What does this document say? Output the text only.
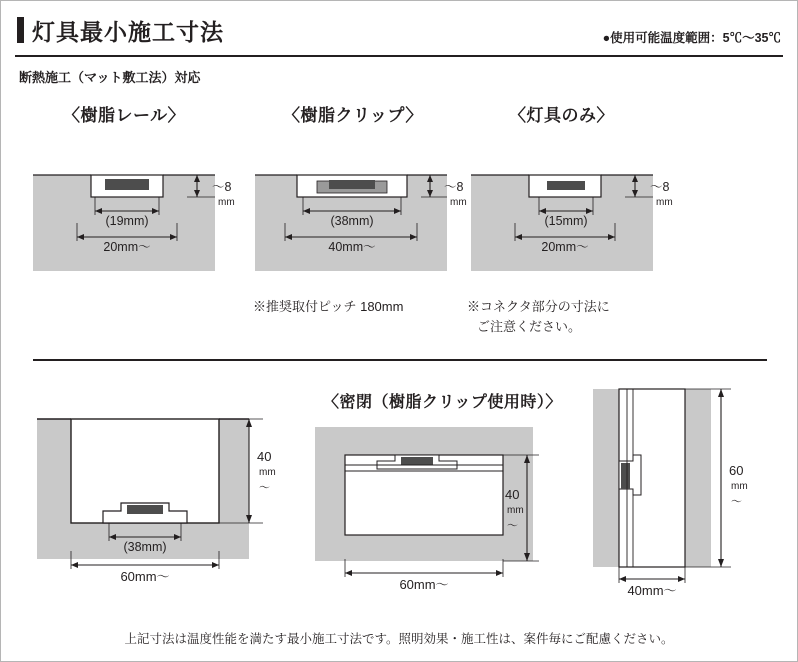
灯具最小施工寸法	●使用可能温度範囲：5℃～35℃
断熱施工（マット敷工法）対応
〈樹脂レール〉	〈樹脂クリップ〉	〈灯具のみ〉
〈密閉（樹脂クリップ使用時）〉
(19mm)
20mm～
～8
mm
(38mm)
40mm～
～8
mm
(15mm)
20mm～
～8
mm
※推奨取付ピッチ 180mm	※コネクタ部分の寸法に
ご注意ください。
(38mm)
60mm～
40
mm
～
60mm～
40
mm
～
40mm～
60
mm
～
上記寸法は温度性能を満たす最小施工寸法です。照明効果・施工性は、案件毎にご配慮ください。
